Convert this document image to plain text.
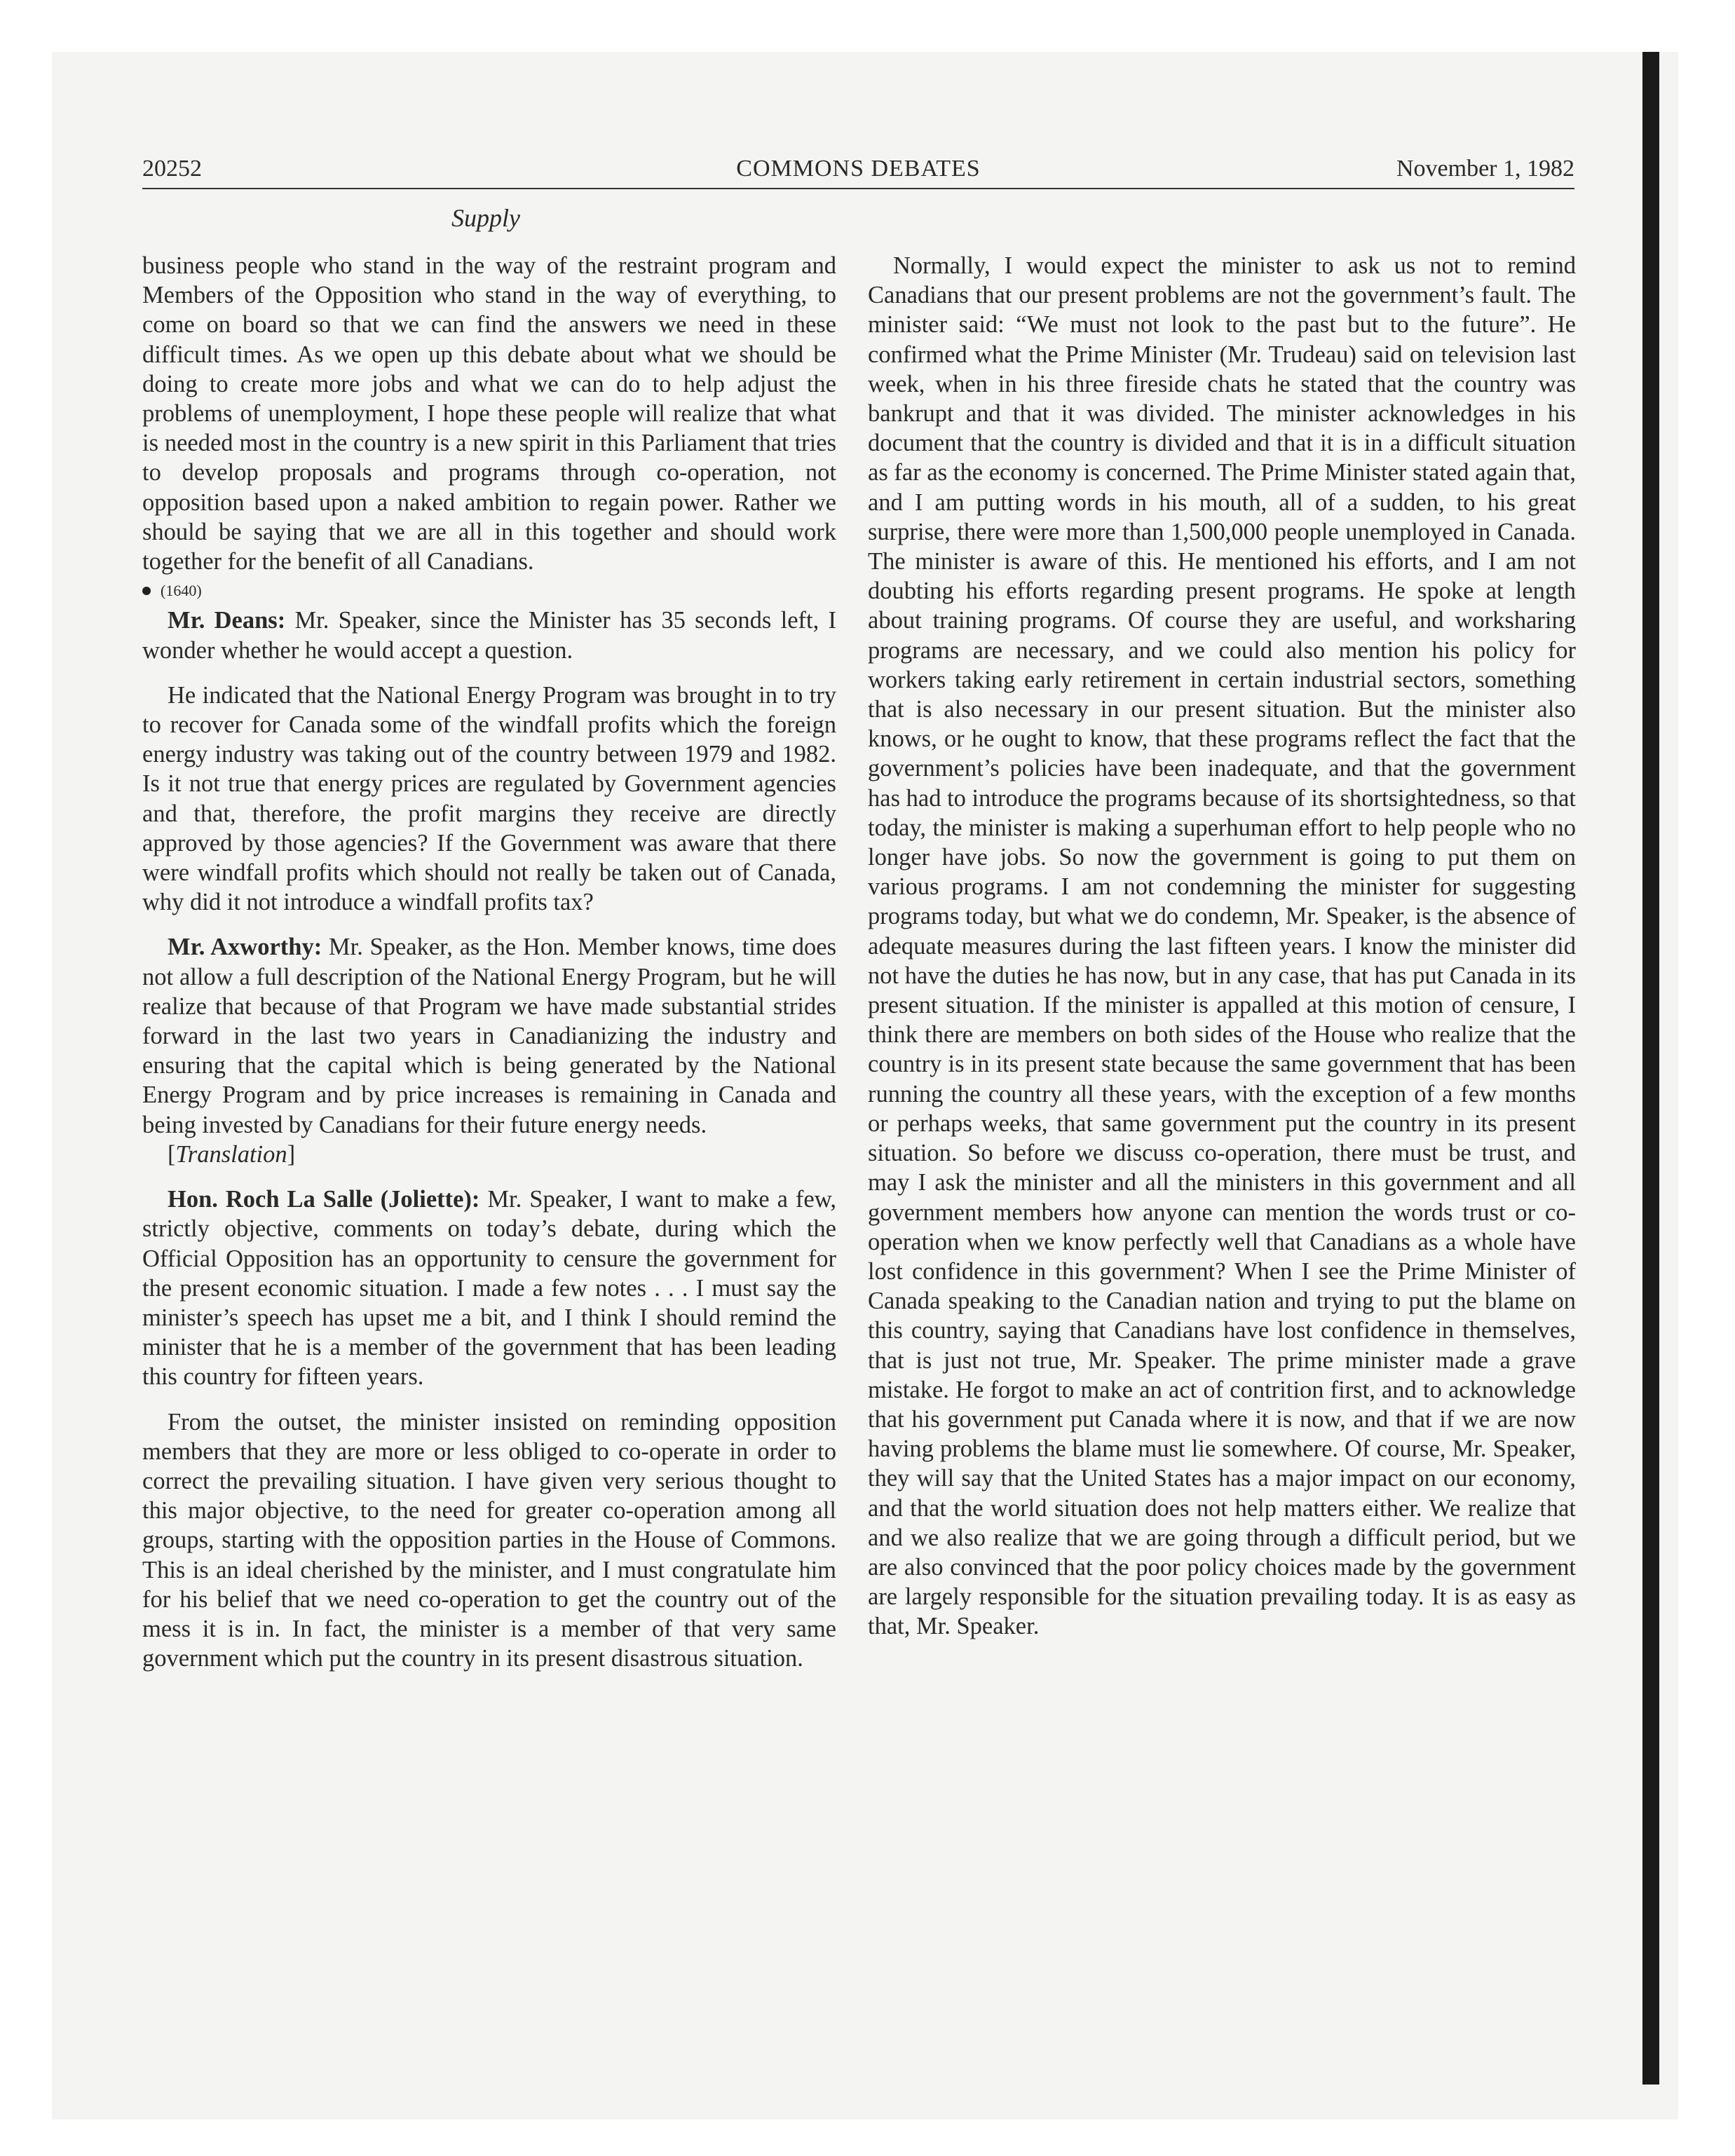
20252	COMMONS DEBATES	November 1, 1982
Supply

business people who stand in the way of the restraint program and Members of the Opposition who stand in the way of everything, to come on board so that we can find the answers we need in these difficult times. As we open up this debate about what we should be doing to create more jobs and what we can do to help adjust the problems of unemployment, I hope these people will realize that what is needed most in the country is a new spirit in this Parliament that tries to develop proposals and programs through co-operation, not opposition based upon a naked ambition to regain power. Rather we should be saying that we are all in this together and should work together for the benefit of all Canadians.

(1640)

Mr. Deans: Mr. Speaker, since the Minister has 35 seconds left, I wonder whether he would accept a question.

He indicated that the National Energy Program was brought in to try to recover for Canada some of the windfall profits which the foreign energy industry was taking out of the country between 1979 and 1982. Is it not true that energy prices are regulated by Government agencies and that, therefore, the profit margins they receive are directly approved by those agencies? If the Government was aware that there were windfall profits which should not really be taken out of Canada, why did it not introduce a windfall profits tax?

Mr. Axworthy: Mr. Speaker, as the Hon. Member knows, time does not allow a full description of the National Energy Program, but he will realize that because of that Program we have made substantial strides forward in the last two years in Canadianizing the industry and ensuring that the capital which is being generated by the National Energy Program and by price increases is remaining in Canada and being invested by Canadians for their future energy needs.

[Translation]

Hon. Roch La Salle (Joliette): Mr. Speaker, I want to make a few, strictly objective, comments on today’s debate, during which the Official Opposition has an opportunity to censure the government for the present economic situation. I made a few notes . . . I must say the minister’s speech has upset me a bit, and I think I should remind the minister that he is a member of the government that has been leading this country for fifteen years.

From the outset, the minister insisted on reminding opposition members that they are more or less obliged to co-operate in order to correct the prevailing situation. I have given very serious thought to this major objective, to the need for greater co-operation among all groups, starting with the opposition parties in the House of Commons. This is an ideal cherished by the minister, and I must congratulate him for his belief that we need co-operation to get the country out of the mess it is in. In fact, the minister is a member of that very same government which put the country in its present disastrous situation.

Normally, I would expect the minister to ask us not to remind Canadians that our present problems are not the government’s fault. The minister said: “We must not look to the past but to the future”. He confirmed what the Prime Minister (Mr. Trudeau) said on television last week, when in his three fireside chats he stated that the country was bankrupt and that it was divided. The minister acknowledges in his document that the country is divided and that it is in a difficult situation as far as the economy is concerned. The Prime Minister stated again that, and I am putting words in his mouth, all of a sudden, to his great surprise, there were more than 1,500,000 people unemployed in Canada. The minister is aware of this. He mentioned his efforts, and I am not doubting his efforts regarding present programs. He spoke at length about training programs. Of course they are useful, and worksharing programs are necessary, and we could also mention his policy for workers taking early retirement in certain industrial sectors, something that is also necessary in our present situation. But the minister also knows, or he ought to know, that these programs reflect the fact that the government’s policies have been inadequate, and that the government has had to introduce the programs because of its shortsightedness, so that today, the minister is making a superhuman effort to help people who no longer have jobs. So now the government is going to put them on various programs. I am not condemning the minister for suggesting programs today, but what we do condemn, Mr. Speaker, is the absence of adequate measures during the last fifteen years. I know the minister did not have the duties he has now, but in any case, that has put Canada in its present situation. If the minister is appalled at this motion of censure, I think there are members on both sides of the House who realize that the country is in its present state because the same government that has been running the country all these years, with the exception of a few months or perhaps weeks, that same government put the country in its present situation. So before we discuss co-operation, there must be trust, and may I ask the minister and all the ministers in this government and all government members how anyone can mention the words trust or co-operation when we know perfectly well that Canadians as a whole have lost confidence in this government? When I see the Prime Minister of Canada speaking to the Canadian nation and trying to put the blame on this country, saying that Canadians have lost confidence in themselves, that is just not true, Mr. Speaker. The prime minister made a grave mistake. He forgot to make an act of contrition first, and to acknowledge that his government put Canada where it is now, and that if we are now having problems the blame must lie somewhere. Of course, Mr. Speaker, they will say that the United States has a major impact on our economy, and that the world situation does not help matters either. We realize that and we also realize that we are going through a difficult period, but we are also convinced that the poor policy choices made by the government are largely responsible for the situation prevailing today. It is as easy as that, Mr. Speaker.
